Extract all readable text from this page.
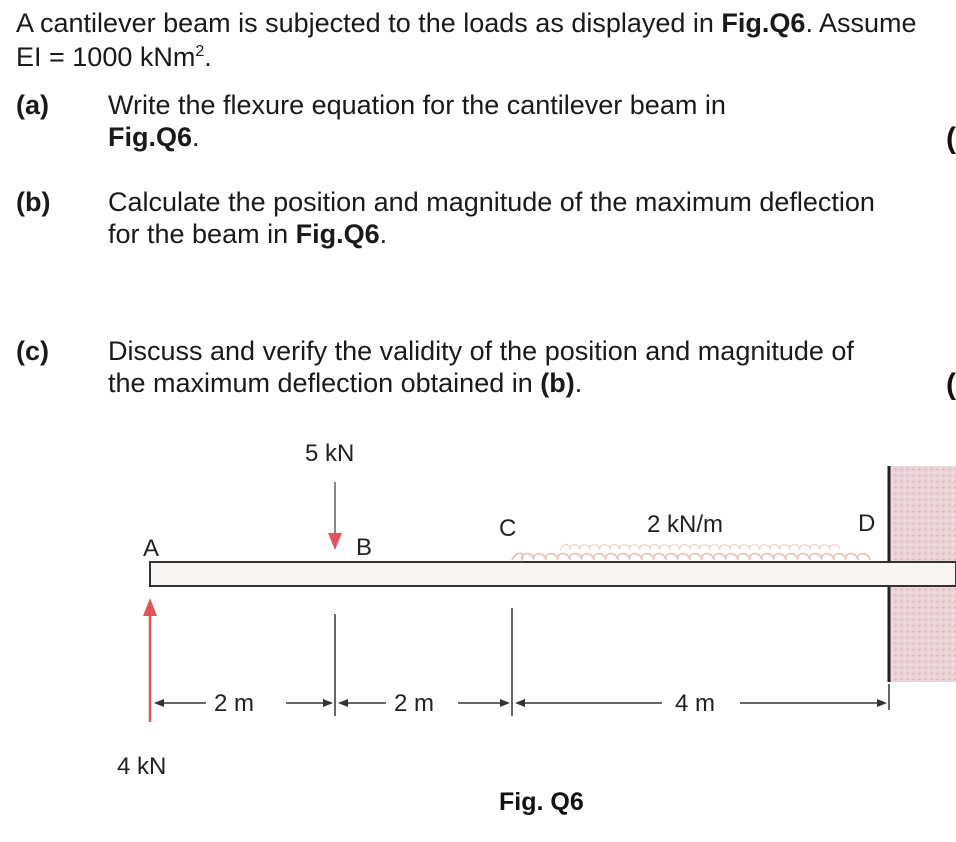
A cantilever beam is subjected to the loads as displayed in Fig.Q6. Assume
EI = 1000 kNm$^2$.
(a) Write the flexure equation for the cantilever beam in
Fig.Q6.	(
(b) Calculate the position and magnitude of the maximum deflection
for the beam in Fig.Q6.
(c) Discuss and verify the validity of the position and magnitude of
the maximum deflection obtained in (b).	(
5 kN
4 kN
A	B
C	D
2 kN/m
2 m	2 m	4 m
Fig. Q6
